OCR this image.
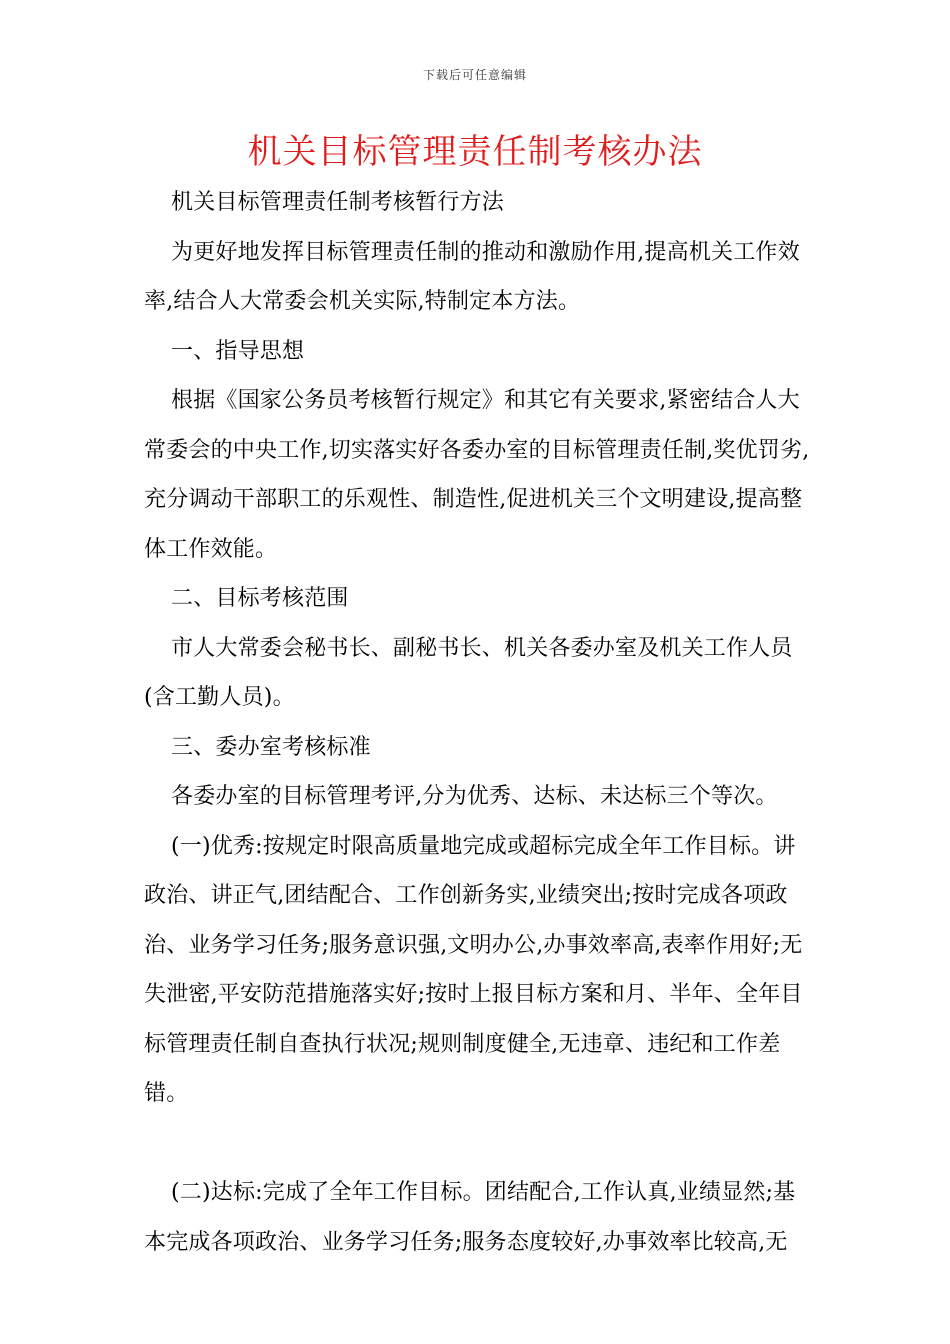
下载后可任意编辑
机关目标管理责任制考核办法

机关目标管理责任制考核暂行方法

为更好地发挥目标管理责任制的推动和激励作用,提高机关工作效率,结合人大常委会机关实际,特制定本方法。

一、指导思想

根据《国家公务员考核暂行规定》和其它有关要求,紧密结合人大常委会的中央工作,切实落实好各委办室的目标管理责任制,奖优罚劣,充分调动干部职工的乐观性、制造性,促进机关三个文明建设,提高整体工作效能。

二、目标考核范围

市人大常委会秘书长、副秘书长、机关各委办室及机关工作人员(含工勤人员)。

三、委办室考核标准

各委办室的目标管理考评,分为优秀、达标、未达标三个等次。

(一)优秀:按规定时限高质量地完成或超标完成全年工作目标。讲政治、讲正气,团结配合、工作创新务实,业绩突出;按时完成各项政治、业务学习任务;服务意识强,文明办公,办事效率高,表率作用好;无失泄密,平安防范措施落实好;按时上报目标方案和月、半年、全年目标管理责任制自查执行状况;规则制度健全,无违章、违纪和工作差错。

(二)达标:完成了全年工作目标。团结配合,工作认真,业绩显然;基本完成各项政治、业务学习任务;服务态度较好,办事效率比较高,无
